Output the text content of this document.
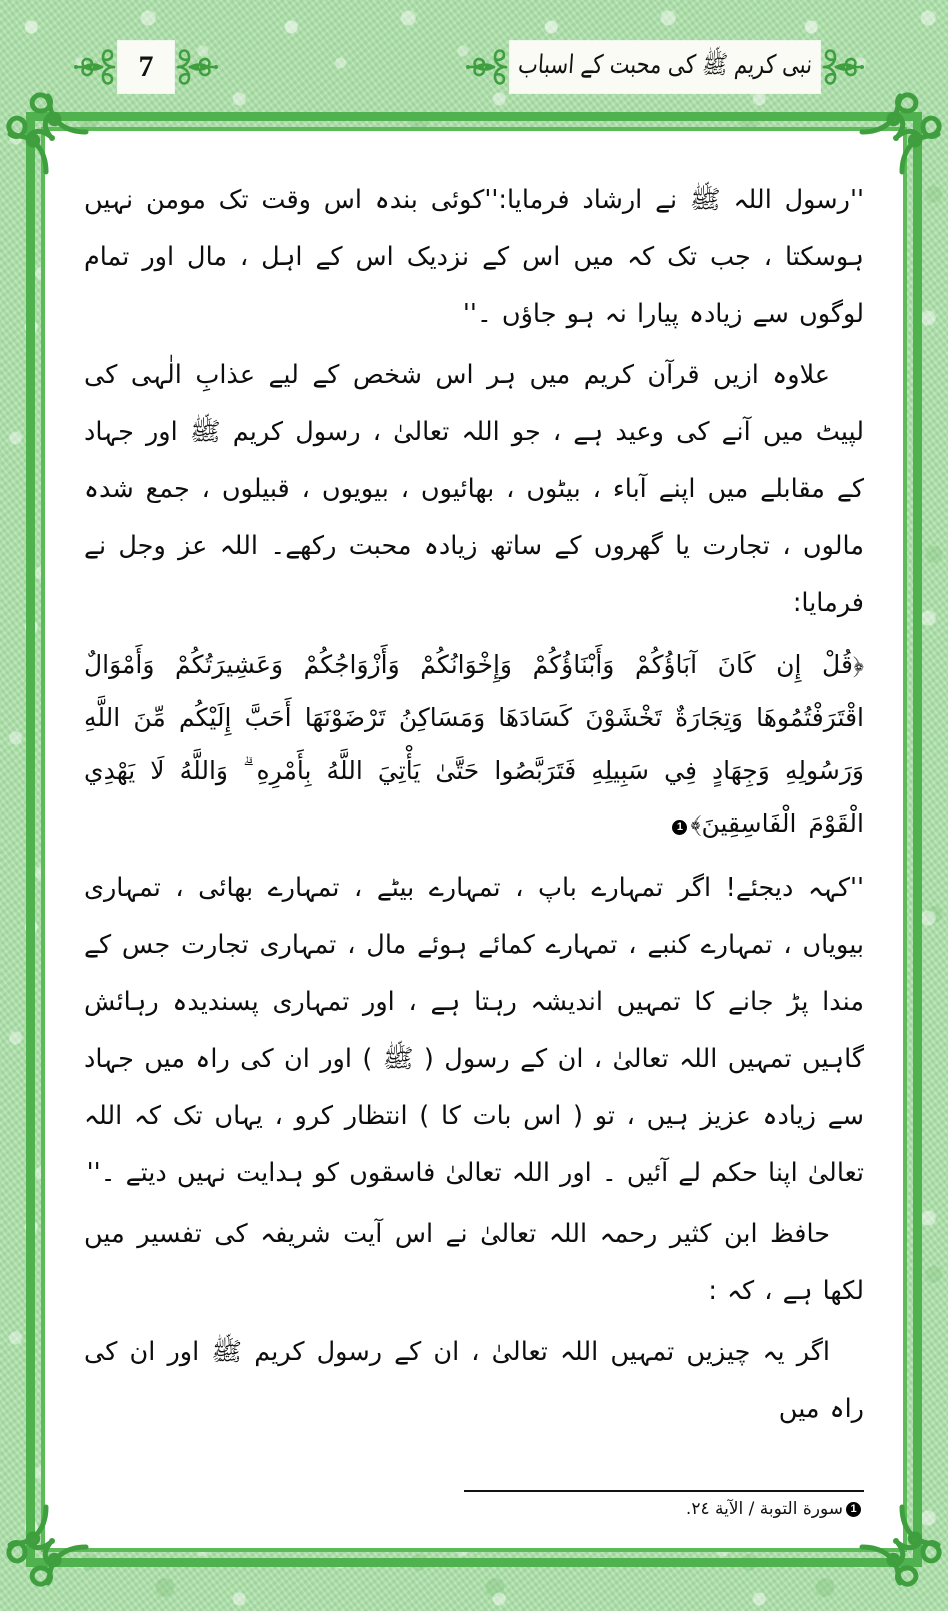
7	نبی کریم ﷺ کی محبت کے اسباب

''رسول اللہ ﷺ نے ارشاد فرمایا:''کوئی بندہ اس وقت تک مومن نہیں ہوسکتا ، جب تک کہ میں اس کے نزدیک اس کے اہل ، مال اور تمام لوگوں سے زیادہ پیارا نہ ہو جاؤں ۔''

علاوہ ازیں قرآن کریم میں ہر اس شخص کے لیے عذابِ الٰہی کی لپیٹ میں آنے کی وعید ہے ، جو اللہ تعالیٰ ، رسول کریم ﷺ اور جہاد کے مقابلے میں اپنے آباء ، بیٹوں ، بھائیوں ، بیویوں ، قبیلوں ، جمع شدہ مالوں ، تجارت یا گھروں کے ساتھ زیادہ محبت رکھے۔ اللہ عز وجل نے فرمایا:

﴿قُلْ إِن كَانَ آبَاؤُكُمْ وَأَبْنَاؤُكُمْ وَإِخْوَانُكُمْ وَأَزْوَاجُكُمْ وَعَشِيرَتُكُمْ وَأَمْوَالٌ اقْتَرَفْتُمُوهَا وَتِجَارَةٌ تَخْشَوْنَ كَسَادَهَا وَمَسَاكِنُ تَرْضَوْنَهَا أَحَبَّ إِلَيْكُم مِّنَ اللَّهِ وَرَسُولِهِ وَجِهَادٍ فِي سَبِيلِهِ فَتَرَبَّصُوا حَتَّىٰ يَأْتِيَ اللَّهُ بِأَمْرِهِ ۗ وَاللَّهُ لَا يَهْدِي الْقَوْمَ الْفَاسِقِينَ﴾1

''کہہ دیجئے! اگر تمہارے باپ ، تمہارے بیٹے ، تمہارے بھائی ، تمہاری بیویاں ، تمہارے کنبے ، تمہارے کمائے ہوئے مال ، تمہاری تجارت جس کے مندا پڑ جانے کا تمہیں اندیشہ رہتا ہے ، اور تمہاری پسندیدہ رہائش گاہیں تمہیں اللہ تعالیٰ ، ان کے رسول ( ﷺ ) اور ان کی راہ میں جہاد سے زیادہ عزیز ہیں ، تو ( اس بات کا ) انتظار کرو ، یہاں تک کہ اللہ تعالیٰ اپنا حکم لے آئیں ۔ اور اللہ تعالیٰ فاسقوں کو ہدایت نہیں دیتے ۔''

حافظ ابن کثیر رحمہ اللہ تعالیٰ نے اس آیت شریفہ کی تفسیر میں لکھا ہے ، کہ :

اگر یہ چیزیں تمہیں اللہ تعالیٰ ، ان کے رسول کریم ﷺ اور ان کی راہ میں

1سورة التوبة / الآية ٢٤.
